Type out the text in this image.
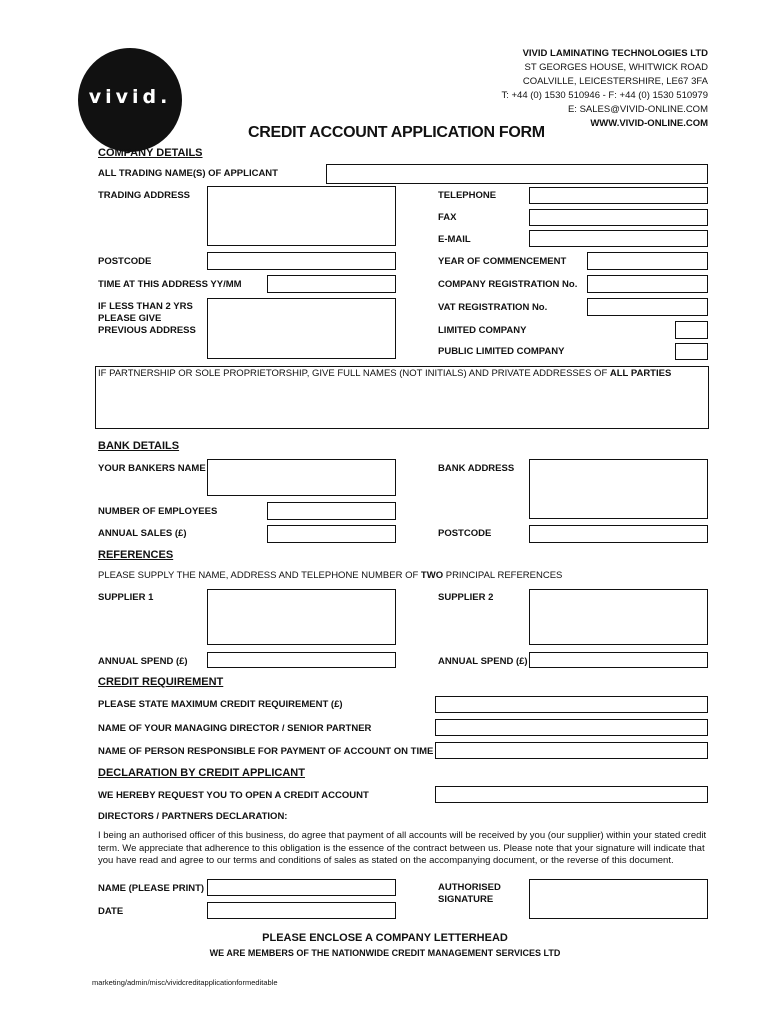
vivid.
VIVID LAMINATING TECHNOLOGIES LTD
ST GEORGES HOUSE, WHITWICK ROAD
COALVILLE, LEICESTERSHIRE, LE67 3FA
T: +44 (0) 1530 510946 - F: +44 (0) 1530 510979
E: SALES@VIVID-ONLINE.COM
WWW.VIVID-ONLINE.COM
CREDIT ACCOUNT APPLICATION FORM
COMPANY DETAILS
ALL TRADING NAME(S) OF APPLICANT
TRADING ADDRESS	TELEPHONE
FAX
E-MAIL
POSTCODE	YEAR OF COMMENCEMENT
TIME AT THIS ADDRESS YY/MM	COMPANY REGISTRATION No.
IF LESS THAN 2 YRS
PLEASE GIVE
PREVIOUS ADDRESS
VAT REGISTRATION No.
LIMITED COMPANY
PUBLIC LIMITED COMPANY
IF PARTNERSHIP OR SOLE PROPRIETORSHIP, GIVE FULL NAMES (NOT INITIALS) AND PRIVATE ADDRESSES OF ALL PARTIES
BANK DETAILS
YOUR BANKERS NAME	BANK ADDRESS
NUMBER OF EMPLOYEES
ANNUAL SALES (£)	POSTCODE
REFERENCES
PLEASE SUPPLY THE NAME, ADDRESS AND TELEPHONE NUMBER OF TWO PRINCIPAL REFERENCES
SUPPLIER 1	SUPPLIER 2
ANNUAL SPEND (£)	ANNUAL SPEND (£)
CREDIT REQUIREMENT
PLEASE STATE MAXIMUM CREDIT REQUIREMENT (£)
NAME OF YOUR MANAGING DIRECTOR / SENIOR PARTNER
NAME OF PERSON RESPONSIBLE FOR PAYMENT OF ACCOUNT ON TIME
DECLARATION BY CREDIT APPLICANT
WE HEREBY REQUEST YOU TO OPEN A CREDIT ACCOUNT
DIRECTORS / PARTNERS DECLARATION:
I being an authorised officer of this business, do agree that payment of all accounts will be received by you (our supplier) within your stated credit term. We appreciate that adherence to this obligation is the essence of the contract between us. Please note that your signature will indicate that you have read and agree to our terms and conditions of sales as stated on the accompanying document, or the reverse of this document.
NAME (PLEASE PRINT)
DATE
AUTHORISED
SIGNATURE
PLEASE ENCLOSE A COMPANY LETTERHEAD
WE ARE MEMBERS OF THE NATIONWIDE CREDIT MANAGEMENT SERVICES LTD
marketing/admin/misc/vividcreditapplicationformeditable
